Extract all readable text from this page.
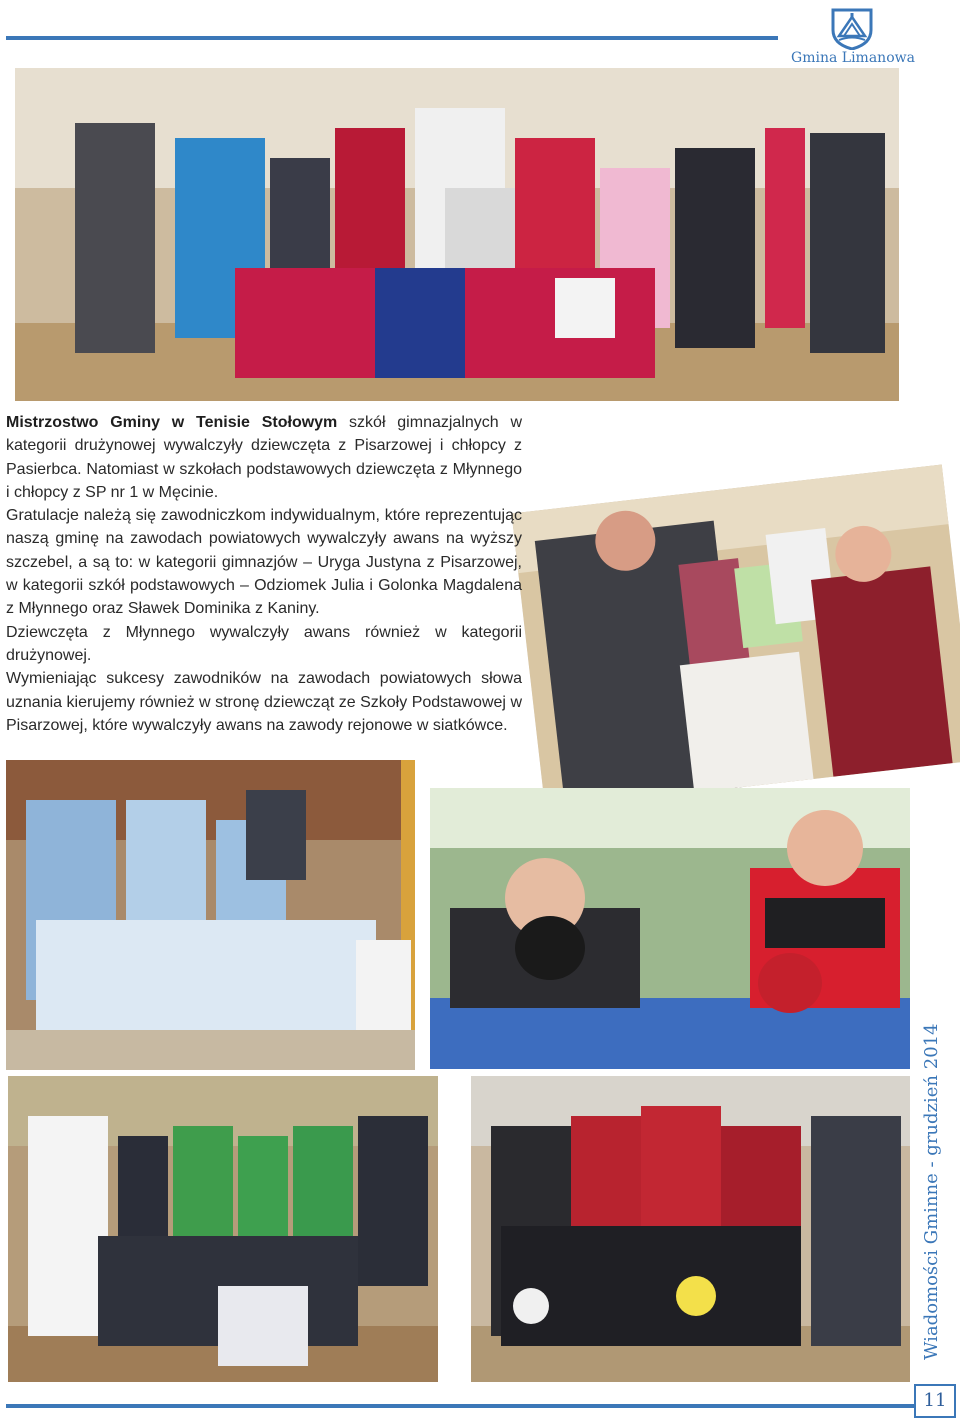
Gmina Limanowa

Mistrzostwo Gminy w Tenisie Stołowym szkół gimnazjalnych w kategorii drużynowej wywalczyły dziewczęta z Pisarzowej i chłopcy z Pasierbca. Natomiast w szkołach podstawowych dziewczęta z Młynnego i chłopcy z SP nr 1 w Męcinie.

Gratulacje należą się zawodniczkom indywidualnym, które reprezentując naszą gminę na zawodach powiatowych wywalczyły awans na wyższy szczebel, a są to: w kategorii gimnazjów – Uryga Justyna z Pisarzowej, w kategorii szkół podstawowych – Odziomek Julia i Golonka Magdalena z Młynnego oraz Sławek Dominika z Kaniny.

Dziewczęta z Młynnego wywalczyły awans również w kategorii drużynowej.

Wymieniając sukcesy zawodników na zawodach powiatowych słowa uznania kierujemy również w stronę dziewcząt ze Szkoły Podstawowej w Pisarzowej, które wywalczyły awans na zawody rejonowe w siatkówce.

Wiadomości Gminne - grudzień 2014
11
